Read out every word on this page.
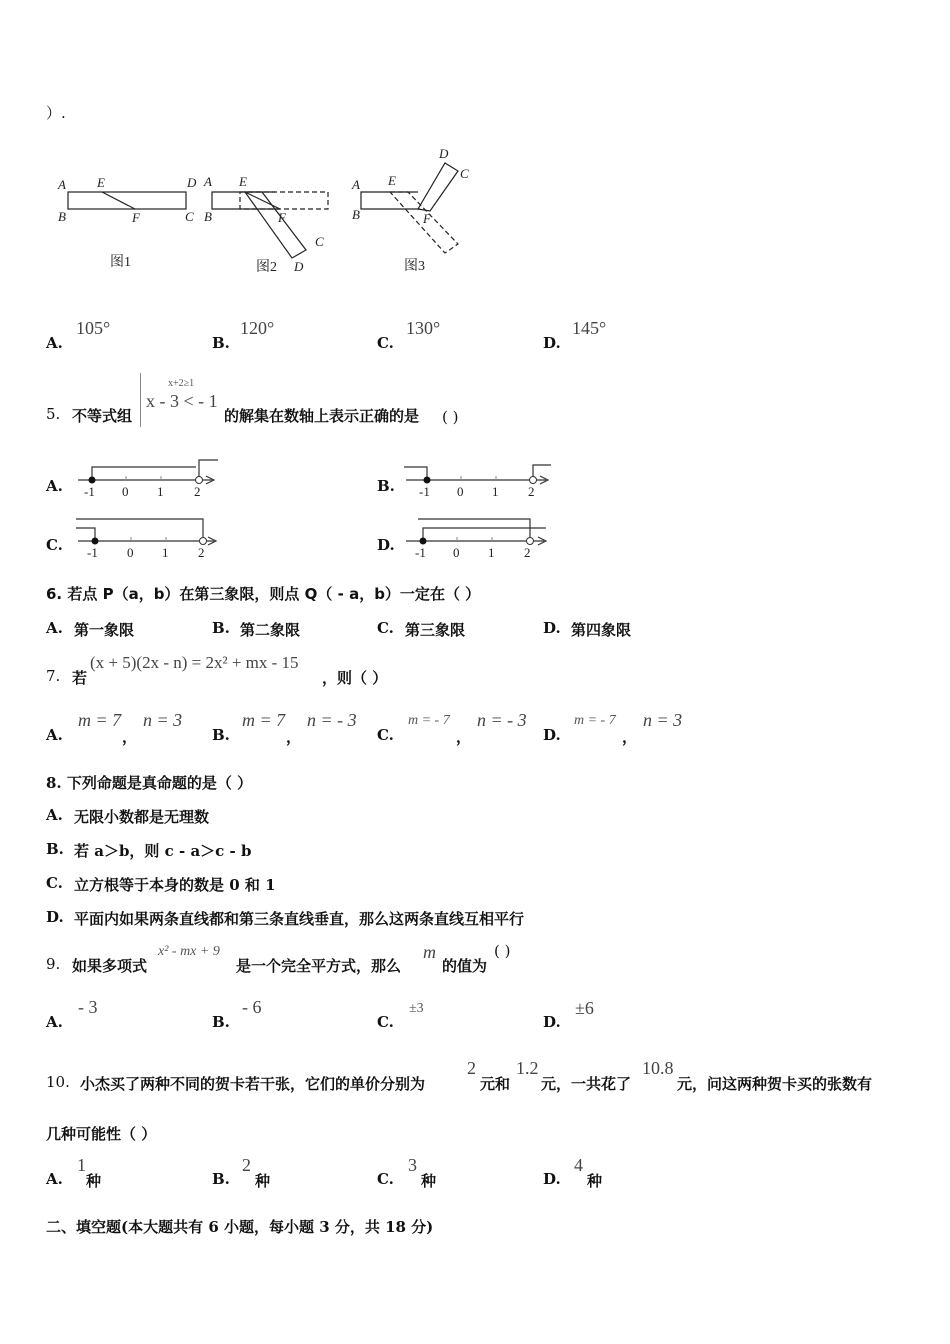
）.
A
B
E
F
D
C
图1
A
B
E
F
C
D
图2
A
B
E
F
D
C
图3
A.
105°
B.
120°
C.
130°
D.
145°
5. 不等式组
x+2≥1
x - 3 < - 1
的解集在数轴上表示正确的是 ( )
A. -1 0 1 2	B. -1 0 1 2
C. -1 0 1 2	D. -1 0 1 2
6. 若点 P（a，b）在第三象限，则点 Q（ - a，b）一定在（ ）
A. 第一象限	B. 第二象限	C. 第三象限	D. 第四象限
7. 若
(x + 5)(2x - n) = 2x² + mx - 15
，则（ ）
A.
m = 7
，
n = 3
B.
m = 7
，
n = - 3
C.
m = - 7
，
n = - 3
D.
m = - 7
，
n = 3
8. 下列命题是真命题的是（ ）
A. 无限小数都是无理数
B. 若 a＞b，则 c - a＞c - b
C. 立方根等于本身的数是 0 和 1
D. 平面内如果两条直线都和第三条直线垂直，那么这两条直线互相平行
9. 如果多项式
x² - mx + 9
是一个完全平方式，那么
m
的值为
( )
A.
- 3
B.
- 6
C.
±3
D.
±6
10. 小杰买了两种不同的贺卡若干张，它们的单价分别为
2
元和
1.2
元，一共花了
10.8
元，问这两种贺卡买的张数有
几种可能性（ ）
A.
1
种	B.
2
种	C.
3
种	D.
4
种
二、填空题(本大题共有 6 小题，每小题 3 分，共 18 分)
